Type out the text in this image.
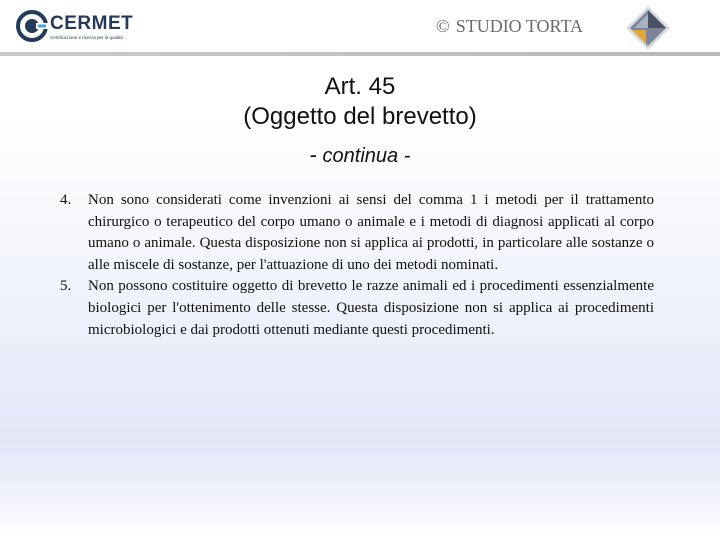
CERMET
Certificazione e ricerca per la qualità
© STUDIO TORTA
Art. 45
(Oggetto del brevetto)
- continua -
4. Non sono considerati come invenzioni ai sensi del comma 1 i metodi per il trattamento chirurgico o terapeutico del corpo umano o animale e i metodi di diagnosi applicati al corpo umano o animale. Questa disposizione non si applica ai prodotti, in particolare alle sostanze o alle miscele di sostanze, per l'attuazione di uno dei metodi nominati.
5. Non possono costituire oggetto di brevetto le razze animali ed i procedimenti essenzialmente biologici per l'ottenimento delle stesse. Questa disposizione non si applica ai procedimenti microbiologici e dai prodotti ottenuti mediante questi procedimenti.
